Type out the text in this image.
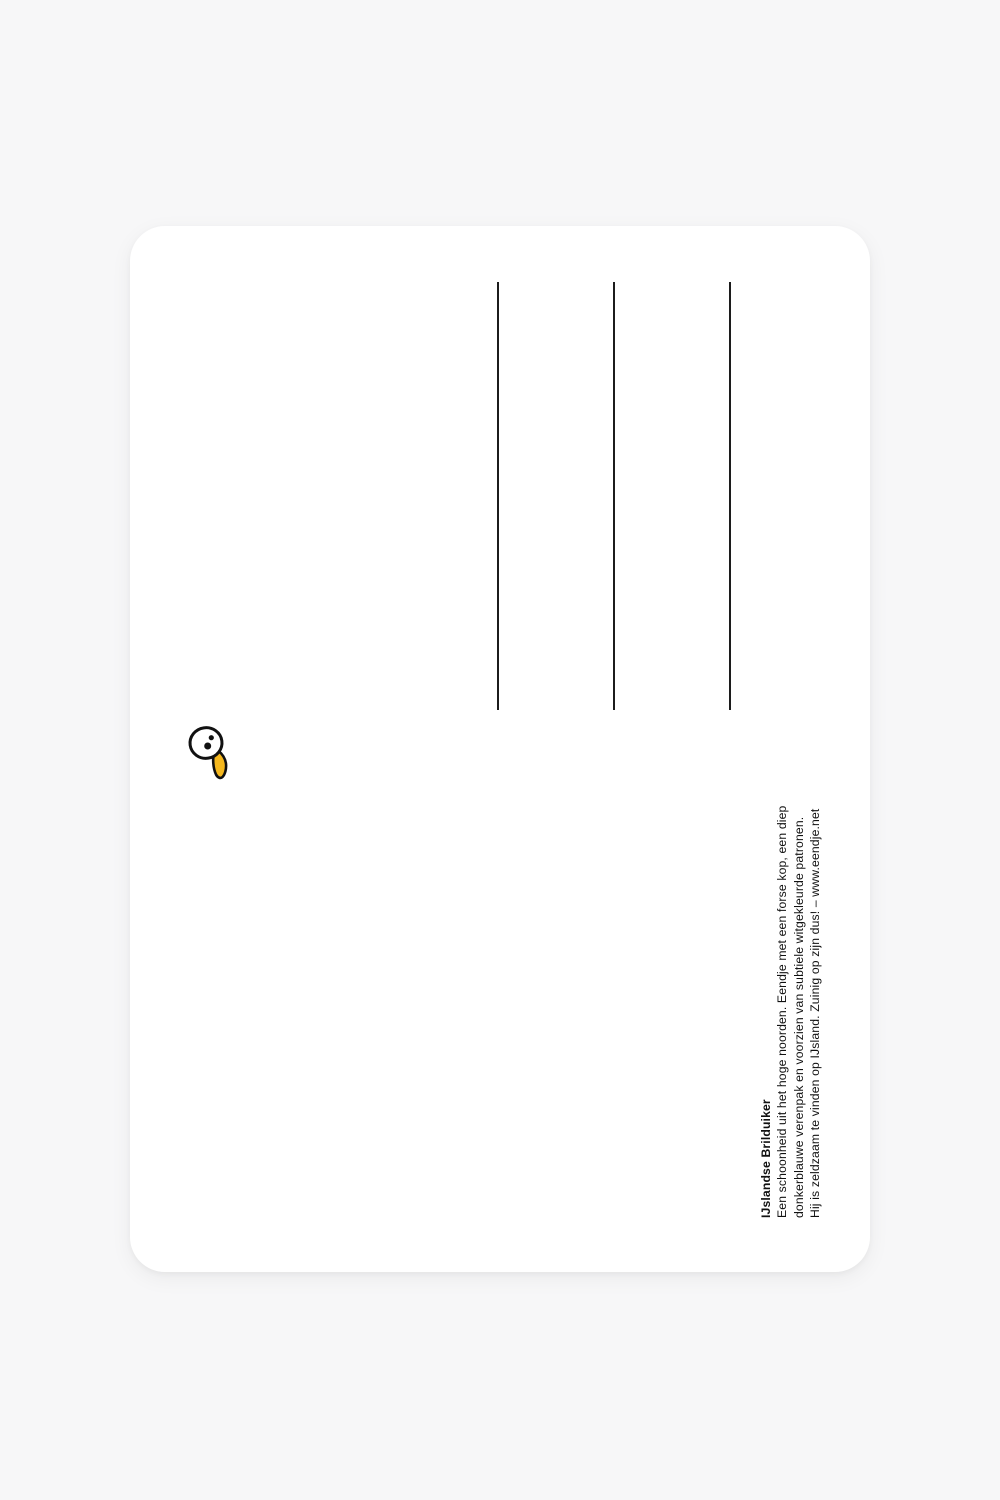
IJslandse Brilduiker Een schoonheid uit het hoge noorden. Eendje met een forse kop, een diep donkerblauwe verenpak en voorzien van subtiele witgekleurde patronen. Hij is zeldzaam te vinden op IJsland. Zuinig op zijn dus! – www.eendje.net
